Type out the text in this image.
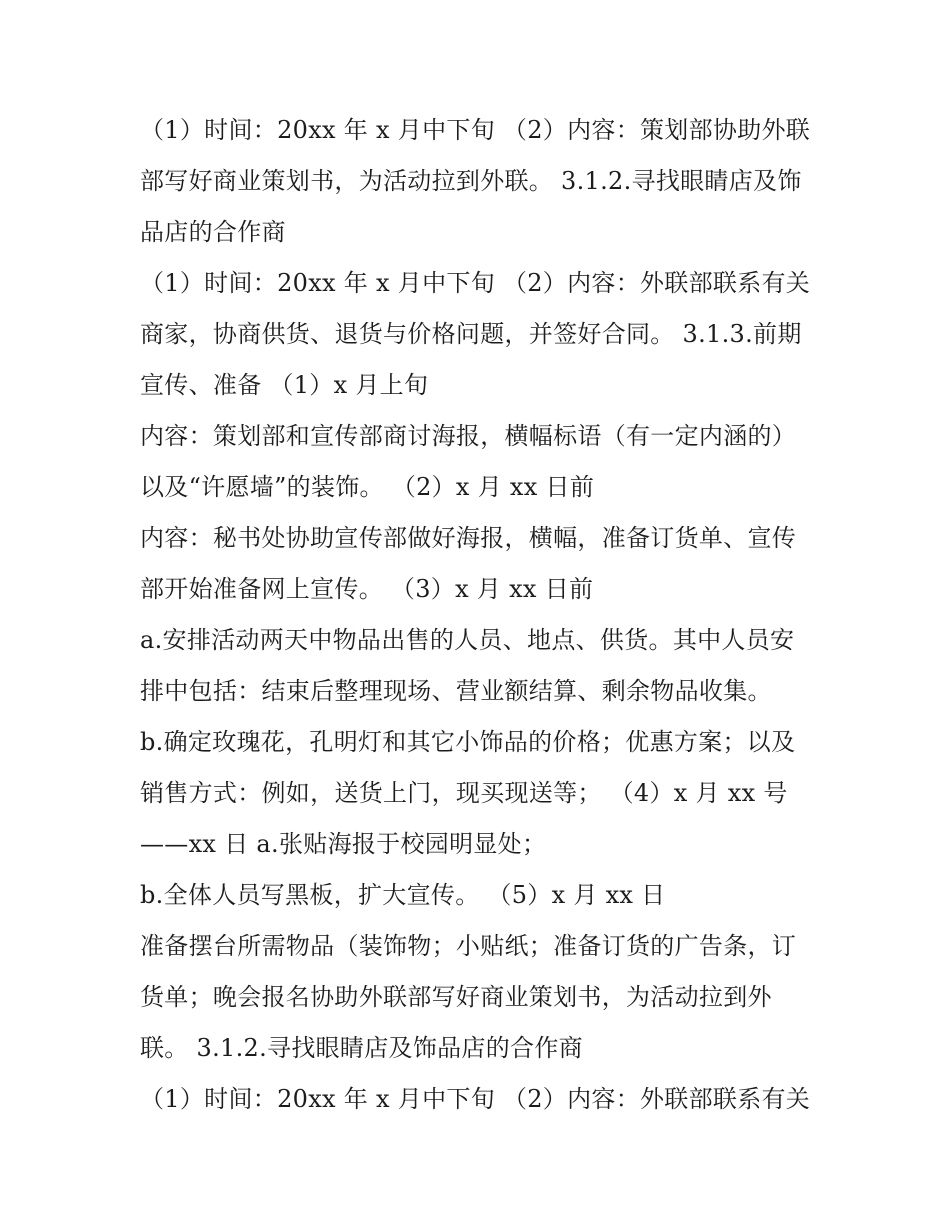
（1）时间：20xx 年 x 月中下旬 （2）内容：策划部协助外联
部写好商业策划书，为活动拉到外联。 3.1.2.寻找眼睛店及饰
品店的合作商
（1）时间：20xx 年 x 月中下旬 （2）内容：外联部联系有关
商家，协商供货、退货与价格问题，并签好合同。 3.1.3.前期
宣传、准备 （1）x 月上旬
内容：策划部和宣传部商讨海报，横幅标语（有一定内涵的）
以及“许愿墙”的装饰。 （2）x 月 xx 日前
内容：秘书处协助宣传部做好海报，横幅，准备订货单、宣传
部开始准备网上宣传。 （3）x 月 xx 日前
a.安排活动两天中物品出售的人员、地点、供货。其中人员安
排中包括：结束后整理现场、营业额结算、剩余物品收集。
b.确定玫瑰花，孔明灯和其它小饰品的价格；优惠方案；以及
销售方式：例如，送货上门，现买现送等； （4）x 月 xx 号
——xx 日 a.张贴海报于校园明显处；
b.全体人员写黑板，扩大宣传。 （5）x 月 xx 日
准备摆台所需物品（装饰物；小贴纸；准备订货的广告条，订
货单；晚会报名协助外联部写好商业策划书，为活动拉到外
联。 3.1.2.寻找眼睛店及饰品店的合作商
（1）时间：20xx 年 x 月中下旬 （2）内容：外联部联系有关
